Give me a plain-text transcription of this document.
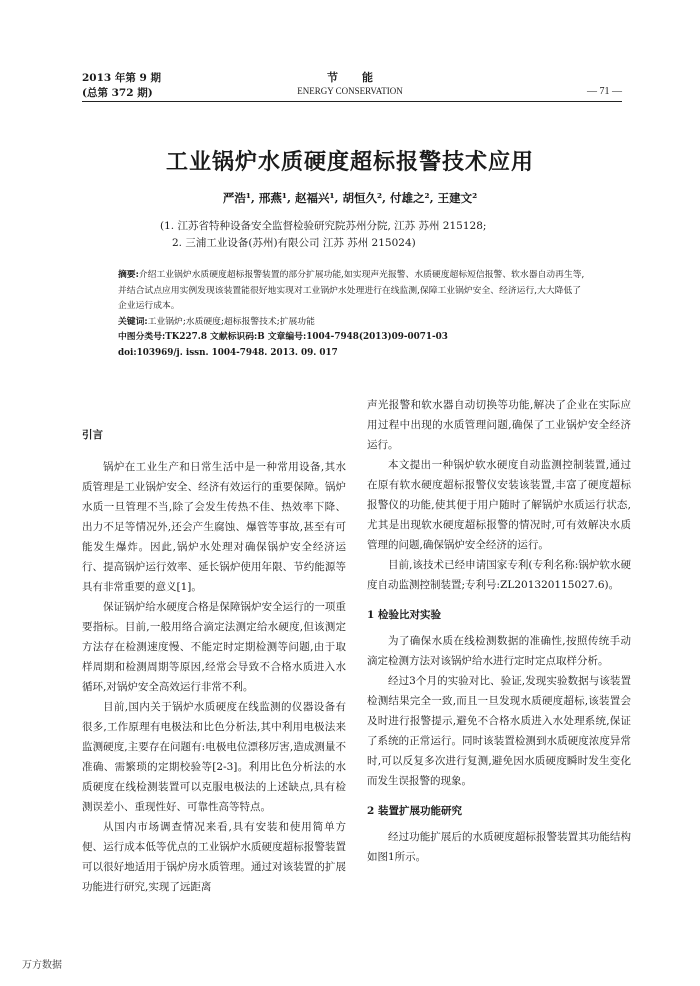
2013 年第 9 期
(总第 372 期)
节能
ENERGY CONSERVATION	— 71 —
工业锅炉水质硬度超标报警技术应用
严浩¹, 邢燕¹, 赵福兴¹, 胡恒久², 付雄之², 王建文²
(1. 江苏省特种设备安全监督检验研究院苏州分院, 江苏 苏州 215128;
2. 三浦工业设备(苏州)有限公司 江苏 苏州 215024)
摘要:介绍工业锅炉水质硬度超标报警装置的部分扩展功能,如实现声光报警、水质硬度超标短信报警、软水器自动再生等,并结合试点应用实例发现该装置能很好地实现对工业锅炉水处理进行在线监测,保障工业锅炉安全、经济运行,大大降低了企业运行成本。
关键词:工业锅炉;水质硬度;超标报警技术;扩展功能
中图分类号:TK227.8 文献标识码:B 文章编号:1004-7948(2013)09-0071-03
doi:103969/j. issn. 1004-7948. 2013. 09. 017
引言

锅炉在工业生产和日常生活中是一种常用设备,其水质管理是工业锅炉安全、经济有效运行的重要保障。锅炉水质一旦管理不当,除了会发生传热不佳、热效率下降、出力不足等情况外,还会产生腐蚀、爆管等事故,甚至有可能发生爆炸。因此,锅炉水处理对确保锅炉安全经济运行、提高锅炉运行效率、延长锅炉使用年限、节约能源等具有非常重要的意义[1]。

保证锅炉给水硬度合格是保障锅炉安全运行的一项重要指标。目前,一般用络合滴定法测定给水硬度,但该测定方法存在检测速度慢、不能定时定期检测等问题,由于取样周期和检测周期等原因,经常会导致不合格水质进入水循环,对锅炉安全高效运行非常不利。

目前,国内关于锅炉水质硬度在线监测的仪器设备有很多,工作原理有电极法和比色分析法,其中利用电极法来监测硬度,主要存在问题有:电极电位漂移厉害,造成测量不准确、需繁琐的定期校验等[2-3]。利用比色分析法的水质硬度在线检测装置可以克服电极法的上述缺点,具有检测误差小、重现性好、可靠性高等特点。

从国内市场调查情况来看,具有安装和使用简单方便、运行成本低等优点的工业锅炉水质硬度超标报警装置可以很好地适用于锅炉房水质管理。通过对该装置的扩展功能进行研究,实现了远距离

声光报警和软水器自动切换等功能,解决了企业在实际应用过程中出现的水质管理问题,确保了工业锅炉安全经济运行。

本文提出一种锅炉软水硬度自动监测控制装置,通过在原有软水硬度超标报警仪安装该装置,丰富了硬度超标报警仪的功能,使其便于用户随时了解锅炉水质运行状态,尤其是出现软水硬度超标报警的情况时,可有效解决水质管理的问题,确保锅炉安全经济的运行。

目前,该技术已经申请国家专利(专利名称:锅炉软水硬度自动监测控制装置;专利号:ZL201320115027.6)。

1 检验比对实验

为了确保水质在线检测数据的准确性,按照传统手动滴定检测方法对该锅炉给水进行定时定点取样分析。

经过3个月的实验对比、验证,发现实验数据与该装置检测结果完全一致,而且一旦发现水质硬度超标,该装置会及时进行报警提示,避免不合格水质进入水处理系统,保证了系统的正常运行。同时该装置检测到水质硬度浓度异常时,可以反复多次进行复测,避免因水质硬度瞬时发生变化而发生误报警的现象。

2 装置扩展功能研究

经过功能扩展后的水质硬度超标报警装置其功能结构如图1所示。

万方数据
